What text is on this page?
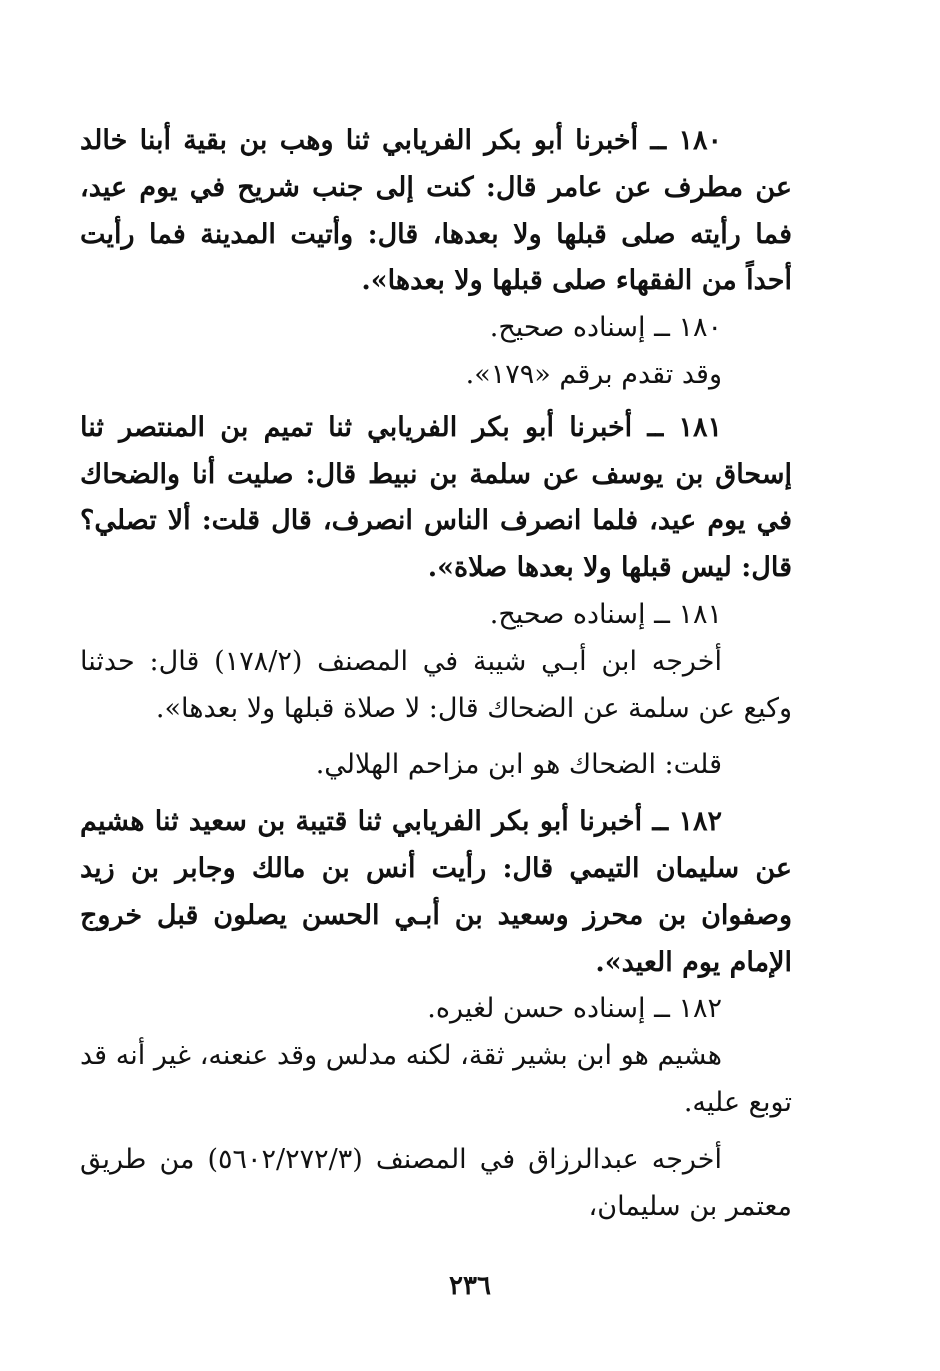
١٨٠ ــ أخبرنا أبو بكر الفريابي ثنا وهب بن بقية أبنا خالد عن مطرف عن عامر قال: كنت إلى جنب شريح في يوم عيد، فما رأيته صلى قبلها ولا بعدها، قال: وأتيت المدينة فما رأيت أحداً من الفقهاء صلى قبلها ولا بعدها».

١٨٠ ــ إسناده صحيح.

وقد تقدم برقم «١٧٩».

١٨١ ــ أخبرنا أبو بكر الفريابي ثنا تميم بن المنتصر ثنا إسحاق بن يوسف عن سلمة بن نبيط قال: صليت أنا والضحاك في يوم عيد، فلما انصرف الناس انصرف، قال قلت: ألا تصلي؟ قال: ليس قبلها ولا بعدها صلاة».

١٨١ ــ إسناده صحيح.

أخرجه ابن أبـي شيبة في المصنف (١٧٨/٢) قال: حدثنا وكيع عن سلمة عن الضحاك قال: لا صلاة قبلها ولا بعدها».

قلت: الضحاك هو ابن مزاحم الهلالي.

١٨٢ ــ أخبرنا أبو بكر الفريابي ثنا قتيبة بن سعيد ثنا هشيم عن سليمان التيمي قال: رأيت أنس بن مالك وجابر بن زيد وصفوان بن محرز وسعيد بن أبـي الحسن يصلون قبل خروج الإمام يوم العيد».

١٨٢ ــ إسناده حسن لغيره.

هشيم هو ابن بشير ثقة، لكنه مدلس وقد عنعنه، غير أنه قد توبع عليه.

أخرجه عبدالرزاق في المصنف (٥٦٠٢/٢٧٢/٣) من طريق معتمر بن سليمان،

٢٣٦
